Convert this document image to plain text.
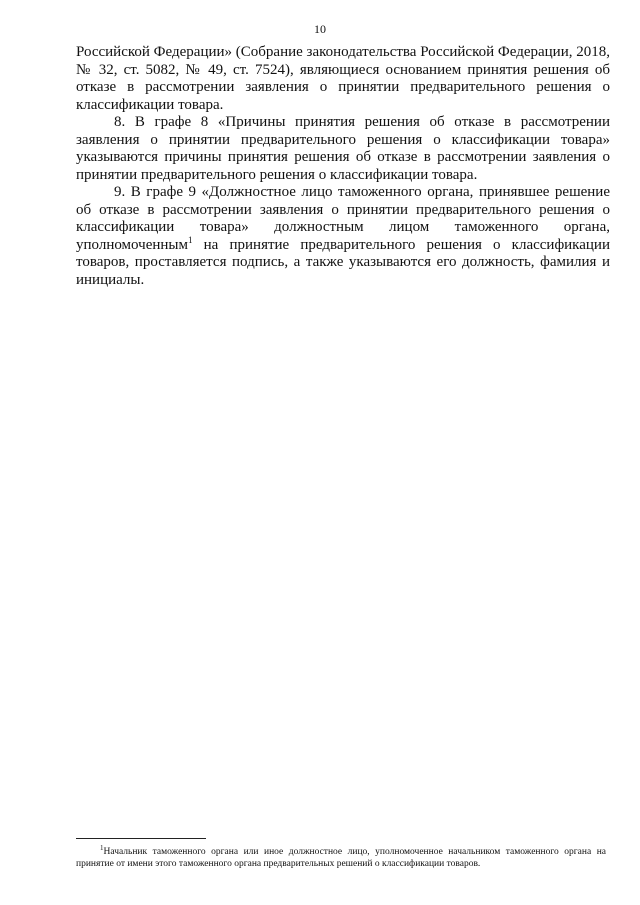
10

Российской Федерации» (Собрание законодательства Российской Федерации, 2018, № 32, ст. 5082, № 49, ст. 7524), являющиеся основанием принятия решения об отказе в рассмотрении заявления о принятии предварительного решения о классификации товара.

8. В графе 8 «Причины принятия решения об отказе в рассмотрении заявления о принятии предварительного решения о классификации товара» указываются причины принятия решения об отказе в рассмотрении заявления о принятии предварительного решения о классификации товара.

9. В графе 9 «Должностное лицо таможенного органа, принявшее решение об отказе в рассмотрении заявления о принятии предварительного решения о классификации товара» должностным лицом таможенного органа, уполномоченным$^1$ на принятие предварительного решения о классификации товаров, проставляется подпись, а также указываются его должность, фамилия и инициалы.

$^1$Начальник таможенного органа или иное должностное лицо, уполномоченное начальником таможенного органа на принятие от имени этого таможенного органа предварительных решений о классификации товаров.
